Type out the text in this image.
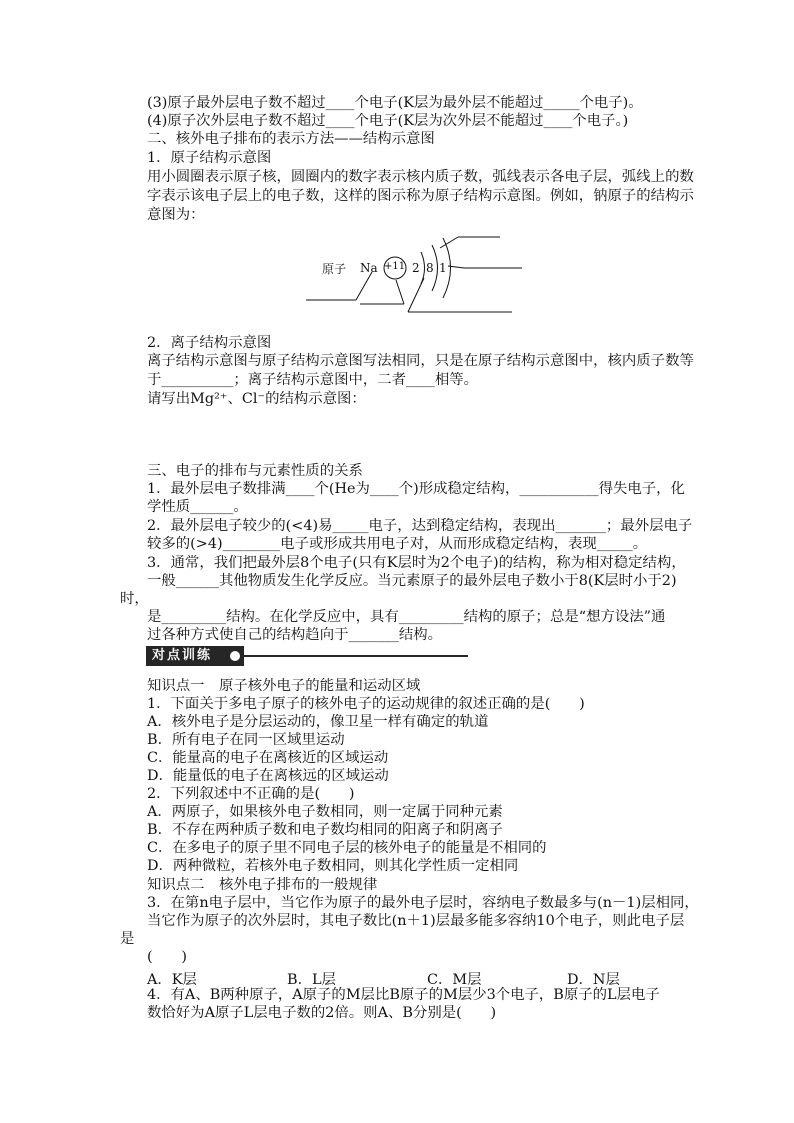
(3)原子最外层电子数不超过____个电子(K层为最外层不能超过_____个电子)。
(4)原子次外层电子数不超过____个电子(K层为次外层不能超过____个电子。)
二、核外电子排布的表示方法——结构示意图
1．原子结构示意图
用小圆圈表示原子核，圆圈内的数字表示核内质子数，弧线表示各电子层，弧线上的数
字表示该电子层上的电子数，这样的图示称为原子结构示意图。例如，钠原子的结构示
意图为：
原子 Na +11 2 8 1
2．离子结构示意图
离子结构示意图与原子结构示意图写法相同，只是在原子结构示意图中，核内质子数等
于__________；离子结构示意图中，二者____相等。
请写出Mg²⁺、Cl⁻的结构示意图：
三、电子的排布与元素性质的关系
1．最外层电子数排满____个(He为____个)形成稳定结构，___________得失电子，化
学性质______。
2．最外层电子较少的(<4)易_____电子，达到稳定结构，表现出_______；最外层电子
较多的(>4)________电子或形成共用电子对，从而形成稳定结构，表现_____。
3．通常，我们把最外层8个电子(只有K层时为2个电子)的结构，称为相对稳定结构，
一般______其他物质发生化学反应。当元素原子的最外层电子数小于8(K层时小于2)
时，
是_________结构。在化学反应中，具有_________结构的原子；总是“想方设法”通
过各种方式使自己的结构趋向于_______结构。
对点训练
知识点一　原子核外电子的能量和运动区域
1．下面关于多电子原子的核外电子的运动规律的叙述正确的是(　　)
A．核外电子是分层运动的，像卫星一样有确定的轨道
B．所有电子在同一区域里运动
C．能量高的电子在离核近的区域运动
D．能量低的电子在离核远的区域运动
2．下列叙述中不正确的是(　　)
A．两原子，如果核外电子数相同，则一定属于同种元素
B．不存在两种质子数和电子数均相同的阳离子和阴离子
C．在多电子的原子里不同电子层的核外电子的能量是不相同的
D．两种微粒，若核外电子数相同，则其化学性质一定相同
知识点二　核外电子排布的一般规律
3．在第n电子层中，当它作为原子的最外电子层时，容纳电子数最多与(n－1)层相同，
当它作为原子的次外层时，其电子数比(n＋1)层最多能多容纳10个电子，则此电子层
是
(　　)
A．K层	B．L层	C．M层	D．N层
4．有A、B两种原子，A原子的M层比B原子的M层少3个电子，B原子的L层电子
数恰好为A原子L层电子数的2倍。则A、B分别是(　　)
